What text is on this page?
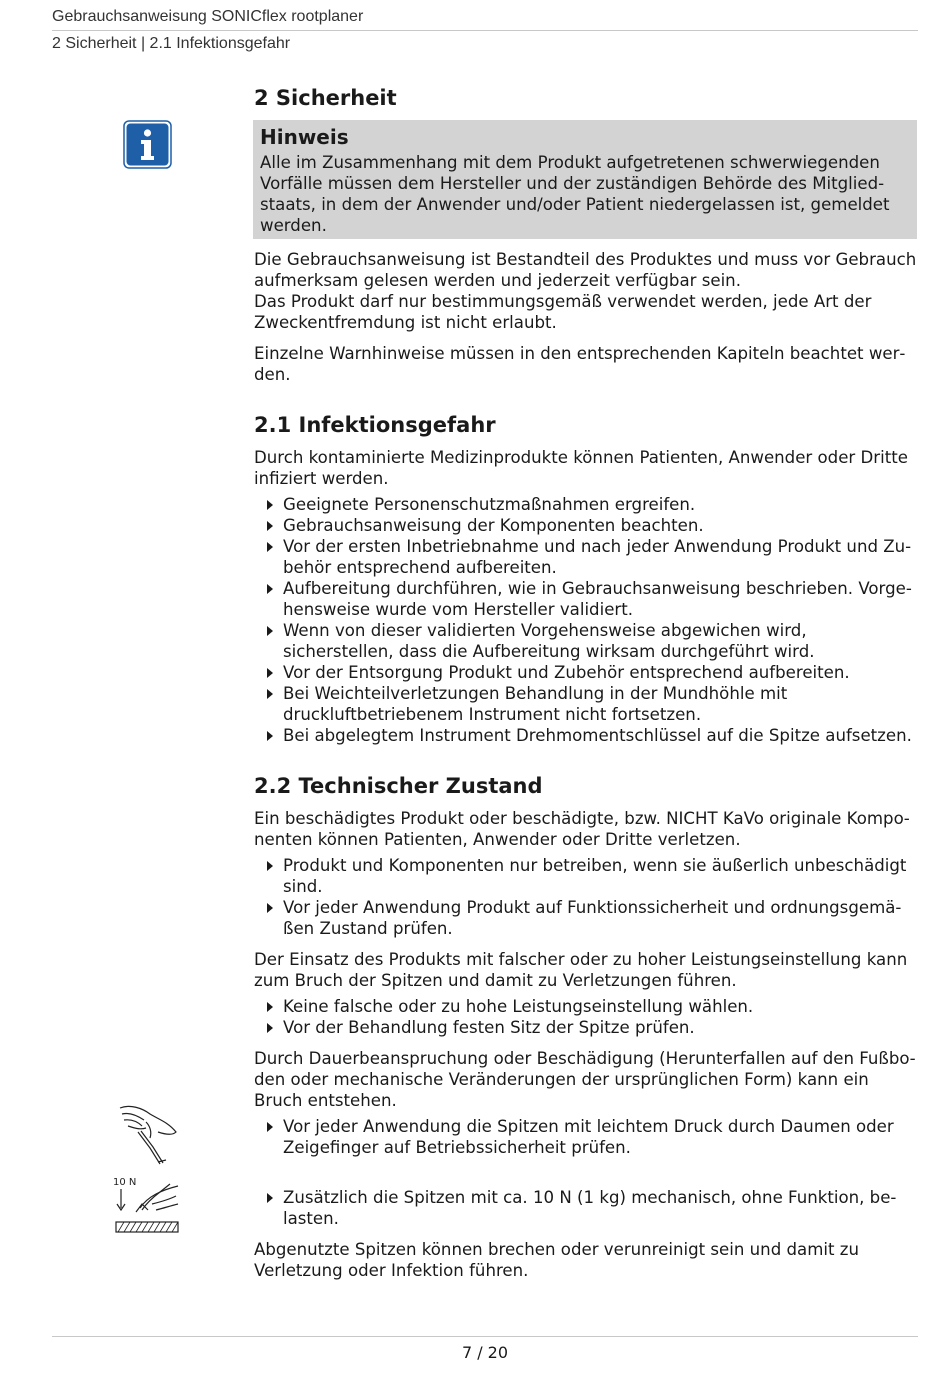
Gebrauchsanweisung SONICflex rootplaner
2 Sicherheit | 2.1 Infektionsgefahr
2 Sicherheit
Hinweis
Alle im Zusammenhang mit dem Produkt aufgetretenen schwerwiegenden Vorfälle müssen dem Hersteller und der zuständigen Behörde des Mitgliedstaats, in dem der Anwender und/oder Patient niedergelassen ist, gemeldet werden.

Die Gebrauchsanweisung ist Bestandteil des Produktes und muss vor Gebrauch aufmerksam gelesen werden und jederzeit verfügbar sein.
Das Produkt darf nur bestimmungsgemäß verwendet werden, jede Art der Zweckentfremdung ist nicht erlaubt.

Einzelne Warnhinweise müssen in den entsprechenden Kapiteln beachtet werden.

2.1 Infektionsgefahr

Durch kontaminierte Medizinprodukte können Patienten, Anwender oder Dritte infiziert werden.

Geeignete Personenschutzmaßnahmen ergreifen.
Gebrauchsanweisung der Komponenten beachten.
Vor der ersten Inbetriebnahme und nach jeder Anwendung Produkt und Zubehör entsprechend aufbereiten.
Aufbereitung durchführen, wie in Gebrauchsanweisung beschrieben. Vorgehensweise wurde vom Hersteller validiert.
Wenn von dieser validierten Vorgehensweise abgewichen wird, sicherstellen, dass die Aufbereitung wirksam durchgeführt wird.
Vor der Entsorgung Produkt und Zubehör entsprechend aufbereiten.
Bei Weichteilverletzungen Behandlung in der Mundhöhle mit druckluftbetriebenem Instrument nicht fortsetzen.
Bei abgelegtem Instrument Drehmomentschlüssel auf die Spitze aufsetzen.
2.2 Technischer Zustand

Ein beschädigtes Produkt oder beschädigte, bzw. NICHT KaVo originale Komponenten können Patienten, Anwender oder Dritte verletzen.

Produkt und Komponenten nur betreiben, wenn sie äußerlich unbeschädigt sind.
Vor jeder Anwendung Produkt auf Funktionssicherheit und ordnungsgemäßen Zustand prüfen.

Der Einsatz des Produkts mit falscher oder zu hoher Leistungseinstellung kann zum Bruch der Spitzen und damit zu Verletzungen führen.

Keine falsche oder zu hohe Leistungseinstellung wählen.
Vor der Behandlung festen Sitz der Spitze prüfen.

Durch Dauerbeanspruchung oder Beschädigung (Herunterfallen auf den Fußboden oder mechanische Veränderungen der ursprünglichen Form) kann ein Bruch entstehen.

Vor jeder Anwendung die Spitzen mit leichtem Druck durch Daumen oder Zeigefinger auf Betriebssicherheit prüfen.
Zusätzlich die Spitzen mit ca. 10 N (1 kg) mechanisch, ohne Funktion, belasten.

Abgenutzte Spitzen können brechen oder verunreinigt sein und damit zu Verletzung oder Infektion führen.

10 N
7 / 20
